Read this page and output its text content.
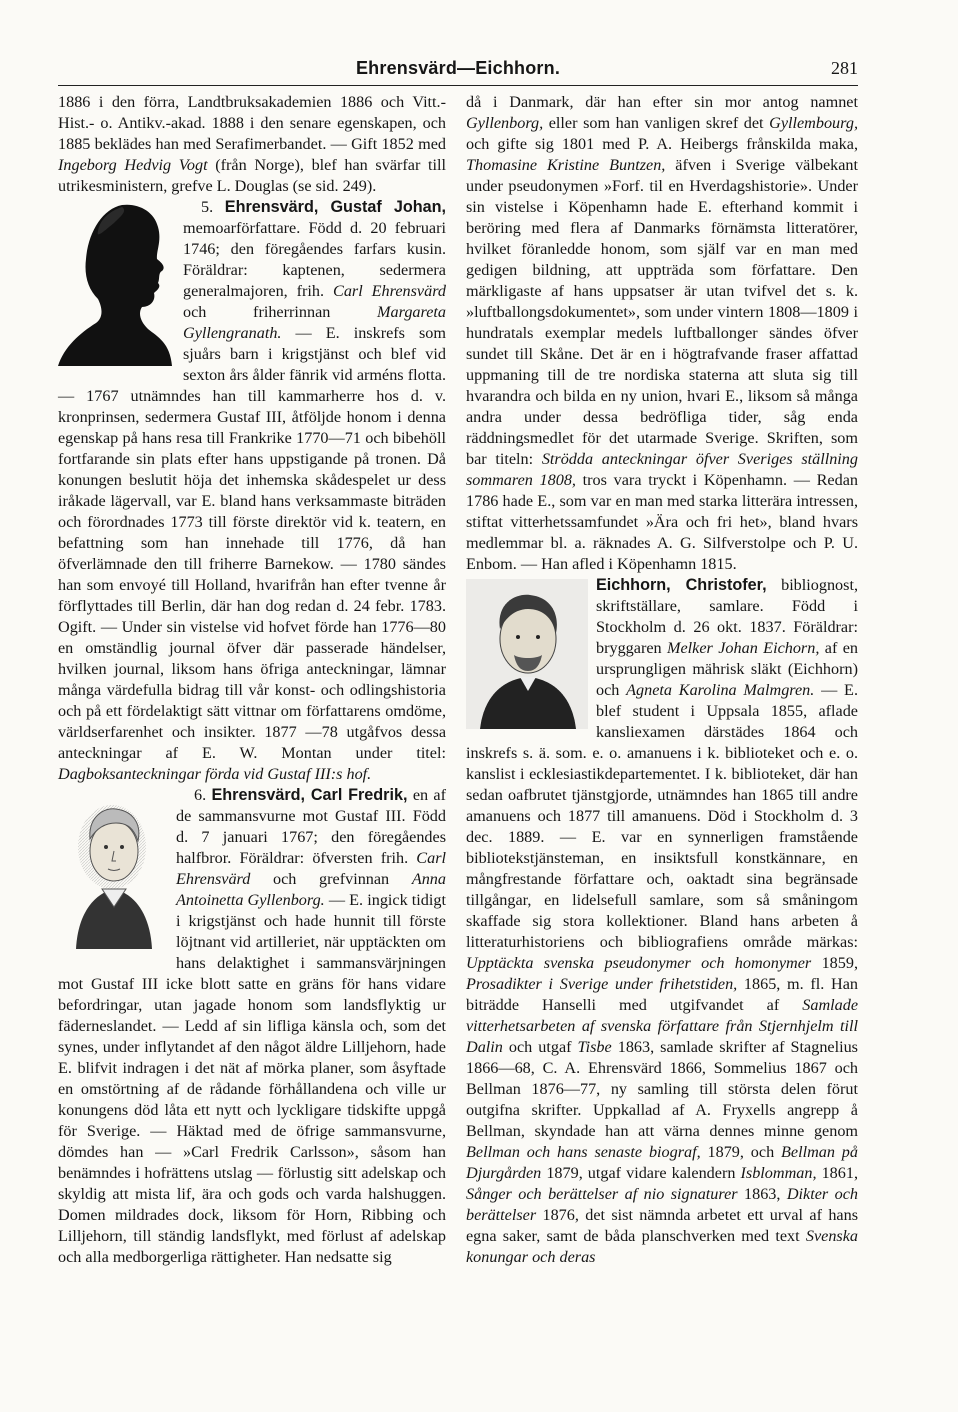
Ehrensvärd—Eichhorn.	281

1886 i den förra, Landtbruksakademien 1886 och Vitt.- Hist.- o. Antikv.-akad. 1888 i den senare egenskapen, och 1885 beklädes han med Serafimerbandet. — Gift 1852 med Ingeborg Hedvig Vogt (från Norge), blef han svärfar till utrikesministern, grefve L. Douglas (se sid. 249).

5. Ehrensvärd, Gustaf Johan,
memoarförfattare. Född d. 20 februari 1746; den föregåendes farfars kusin. Föräldrar: kaptenen, sedermera generalmajoren, frih. Carl Ehrensvärd och friherrinnan Margareta Gyllengranath. — E. inskrefs som sjuårs barn i krigstjänst och blef vid sexton års ålder fänrik vid arméns flotta. — 1767 utnämndes han till kammarherre hos d. v. kronprinsen, sedermera Gustaf III, åtföljde honom i denna egenskap på hans resa till Frankrike 1770—71 och bibehöll fortfarande sin plats efter hans uppstigande på tronen. Då konungen beslutit höja det inhemska skådespelet ur dess iråkade lägervall, var E. bland hans verksammaste biträden och förordnades 1773 till förste direktör vid k. teatern, en befattning som han innehade till 1776, då han öfverlämnade den till friherre Barnekow. — 1780 sändes han som envoyé till Holland, hvarifrån han efter tvenne år förflyttades till Berlin, där han dog redan d. 24 febr. 1783. Ogift. — Under sin vistelse vid hofvet förde han 1776—80 en omständlig journal öfver där passerade händelser, hvilken journal, liksom hans öfriga anteckningar, lämnar många värdefulla bidrag till vår konst- och odlingshistoria och på ett fördelaktigt sätt vittnar om författarens omdöme, världserfarenhet och insikter. 1877 —78 utgåfvos dessa anteckningar af E. W. Montan under titel: Dagboksanteckningar förda vid Gustaf III:s hof.

6. Ehrensvärd, Carl Fredrik,
en af de sammansvurne mot Gustaf III. Född d. 7 januari 1767; den föregåendes halfbror. Föräldrar: öfversten frih. Carl Ehrensvärd och grefvinnan Anna Antoinetta Gyllenborg. — E. ingick tidigt i krigstjänst och hade hunnit till förste löjtnant vid artilleriet, när upptäckten om hans delaktighet i sammansvärjningen mot Gustaf III icke blott satte en gräns för hans vidare befordringar, utan jagade honom som landsflyktig ur fäderneslandet. — Ledd af sin lifliga känsla och, som det synes, under inflytandet af den något äldre Lilljehorn, hade E. blifvit indragen i det nät af mörka planer, som åsyftade en omstörtning af de rådande förhållandena och ville ur konungens död låta ett nytt och lyckligare tidskifte uppgå för Sverige. — Häktad med de öfrige sammansvurne, dömdes han — »Carl Fredrik Carlsson», såsom han benämndes i hofrättens utslag — förlustig sitt adelskap och skyldig att mista lif, ära och gods och varda halshuggen. Domen mildrades dock, liksom för Horn, Ribbing och Lilljehorn, till ständig landsflykt, med förlust af adelskap och alla medborgerliga rättigheter. Han nedsatte sig

då i Danmark, där han efter sin mor antog namnet Gyllenborg, eller som han vanligen skref det Gyllembourg, och gifte sig 1801 med P. A. Heibergs frånskilda maka, Thomasine Kristine Buntzen, äfven i Sverige välbekant under pseudonymen »Forf. til en Hverdagshistorie». Under sin vistelse i Köpenhamn hade E. efterhand kommit i beröring med flera af Danmarks förnämsta litteratörer, hvilket föranledde honom, som själf var en man med gedigen bildning, att uppträda som författare. Den märkligaste af hans uppsatser är utan tvifvel det s. k. »luftballongsdokumentet», som under vintern 1808—1809 i hundratals exemplar medels luftballonger sändes öfver sundet till Skåne. Det är en i högtrafvande fraser affattad uppmaning till de tre nordiska staterna att sluta sig till hvarandra och bilda en ny union, hvari E., liksom så många andra under dessa bedröfliga tider, såg enda räddningsmedlet för det utarmade Sverige. Skriften, som bar titeln: Strödda anteckningar öfver Sveriges ställning sommaren 1808, tros vara tryckt i Köpenhamn. — Redan 1786 hade E., som var en man med starka litterära intressen, stiftat vitterhetssamfundet »Ära och fri het», bland hvars medlemmar bl. a. räknades A. G. Silfverstolpe och P. U. Enbom. — Han afled i Köpenhamn 1815.

Eichhorn, Christofer,
bibliognost, skriftställare, samlare. Född i Stockholm d. 26 okt. 1837. Föräldrar: bryggaren Melker Johan Eichorn, af en ursprungligen mährisk släkt (Eichhorn) och Agneta Karolina Malmgren. — E. blef student i Uppsala 1855, aflade kansliexamen därstädes 1864 och inskrefs s. ä. som. e. o. amanuens i k. biblioteket och e. o. kanslist i ecklesiastikdepartementet. I k. biblioteket, där han sedan oafbrutet tjänstgjorde, utnämndes han 1865 till andre amanuens och 1877 till amanuens. Död i Stockholm d. 3 dec. 1889. — E. var en synnerligen framstående bibliotekstjänsteman, en insiktsfull konstkännare, en mångfrestande författare och, oaktadt sina begränsade tillgångar, en lidelsefull samlare, som så småningom skaffade sig stora kollektioner. Bland hans arbeten å litteraturhistoriens och bibliografiens område märkas: Upptäckta svenska pseudonymer och homonymer 1859, Prosadikter i Sverige under frihetstiden, 1865, m. fl. Han biträdde Hanselli med utgifvandet af Samlade vitterhetsarbeten af svenska författare från Stjernhjelm till Dalin och utgaf Tisbe 1863, samlade skrifter af Stagnelius 1866—68, C. A. Ehrensvärd 1866, Sommelius 1867 och Bellman 1876—77, ny samling till största delen förut outgifna skrifter. Uppkallad af A. Fryxells angrepp å Bellman, skyndade han att värna dennes minne genom Bellman och hans senaste biograf, 1879, och Bellman på Djurgården 1879, utgaf vidare kalendern Isblomman, 1861, Sånger och berättelser af nio signaturer 1863, Dikter och berättelser 1876, det sist nämnda arbetet ett urval af hans egna saker, samt de båda planschverken med text Svenska konungar och deras
